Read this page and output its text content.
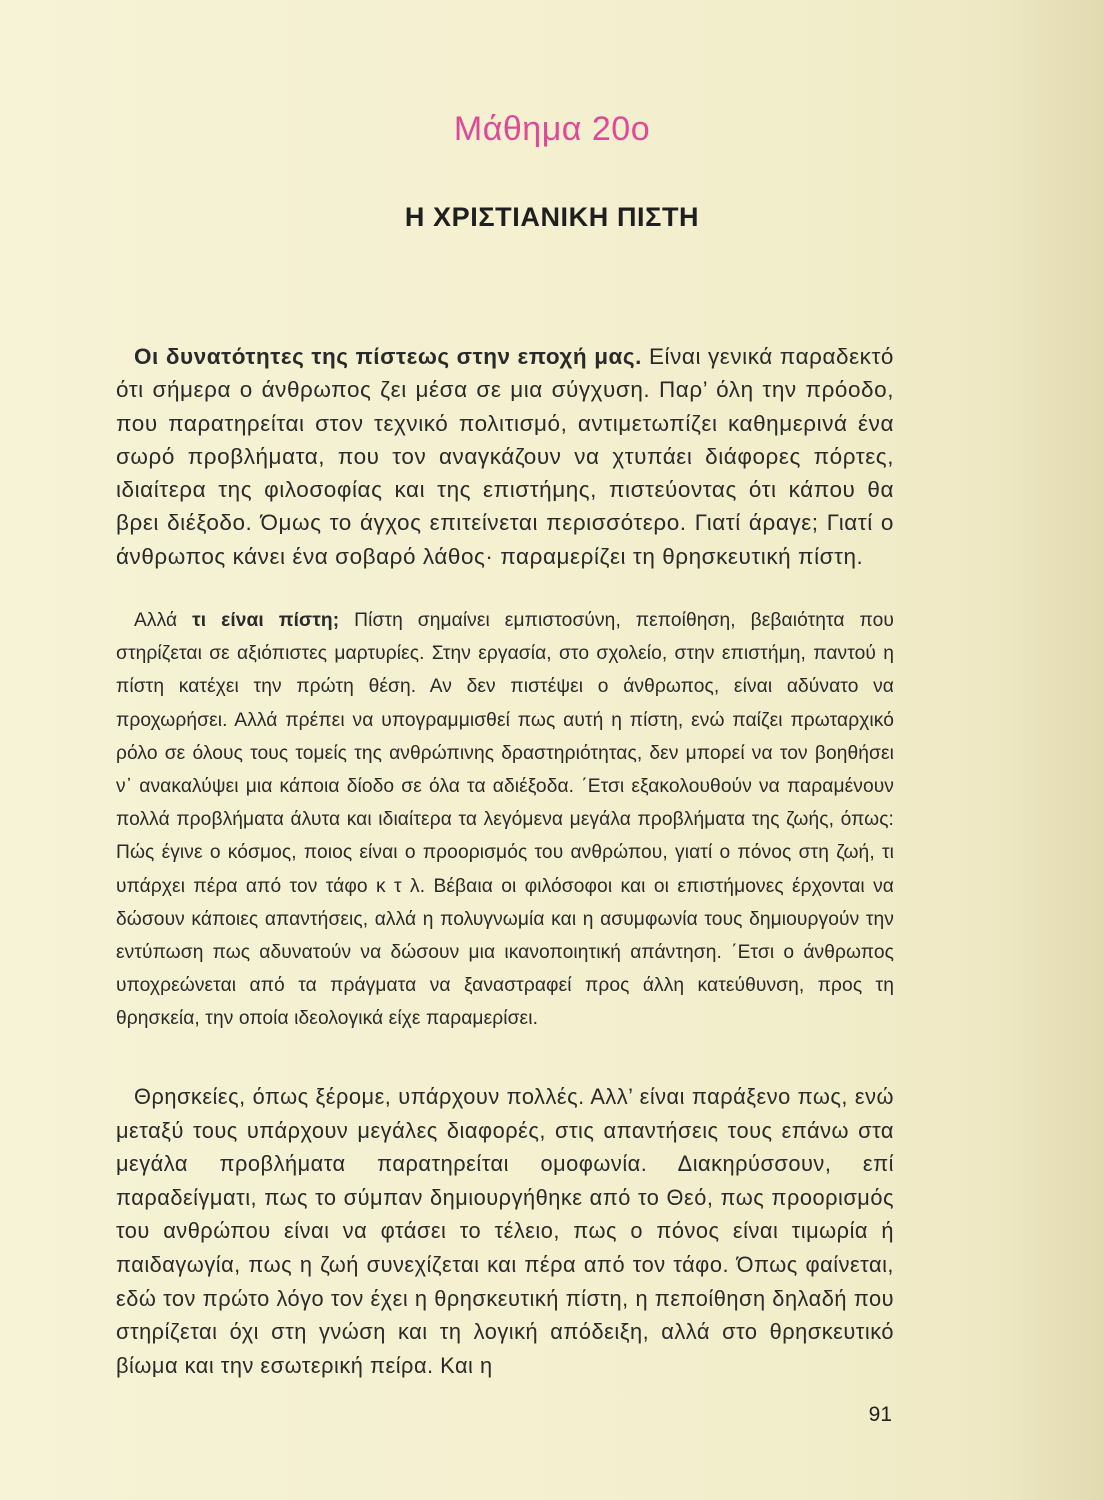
Μάθημα 20ο
Η ΧΡΙΣΤΙΑΝΙΚΗ ΠΙΣΤΗ

Οι δυνατότητες της πίστεως στην εποχή μας. Είναι γενικά παραδεκτό ότι σήμερα ο άνθρωπος ζει μέσα σε μια σύγχυση. Παρ’ όλη την πρόοδο, που παρατηρείται στον τεχνικό πολιτισμό, αντιμετωπίζει καθημερινά ένα σωρό προβλήματα, που τον αναγκάζουν να χτυπάει διάφορες πόρτες, ιδιαίτερα της φιλοσοφίας και της επιστήμης, πιστεύοντας ότι κάπου θα βρει διέξοδο. Όμως το άγχος επιτείνεται περισσότερο. Γιατί άραγε; Γιατί ο άνθρωπος κάνει ένα σοβαρό λάθος· παραμερίζει τη θρησκευτική πίστη.

Αλλά τι είναι πίστη; Πίστη σημαίνει εμπιστοσύνη, πεποίθηση, βεβαιότητα που στηρίζεται σε αξιόπιστες μαρτυρίες. Στην εργασία, στο σχολείο, στην επιστήμη, παντού η πίστη κατέχει την πρώτη θέση. Αν δεν πιστέψει ο άνθρωπος, είναι αδύνατο να προχωρήσει. Αλλά πρέπει να υπογραμμισθεί πως αυτή η πίστη, ενώ παίζει πρωταρχικό ρόλο σε όλους τους τομείς της ανθρώπινης δραστηριότητας, δεν μπορεί να τον βοηθήσει ν᾽ ανακαλύψει μια κάποια δίοδο σε όλα τα αδιέξοδα. ΄Ετσι εξακολουθούν να παραμένουν πολλά προβλήματα άλυτα και ιδιαίτερα τα λεγόμενα μεγάλα προβλήματα της ζωής, όπως: Πώς έγινε ο κόσμος, ποιος είναι ο προορισμός του ανθρώπου, γιατί ο πόνος στη ζωή, τι υπάρχει πέρα από τον τάφο κ τ λ. Βέβαια οι φιλόσοφοι και οι επιστήμονες έρχονται να δώσουν κάποιες απαντήσεις, αλλά η πολυγνωμία και η ασυμφωνία τους δημιουργούν την εντύπωση πως αδυνατούν να δώσουν μια ικανοποιητική απάντηση. ΄Ετσι ο άνθρωπος υποχρεώνεται από τα πράγματα να ξαναστραφεί προς άλλη κατεύθυνση, προς τη θρησκεία, την οποία ιδεολογικά είχε παραμερίσει.

Θρησκείες, όπως ξέρομε, υπάρχουν πολλές. Αλλ’ είναι παράξενο πως, ενώ μεταξύ τους υπάρχουν μεγάλες διαφορές, στις απαντήσεις τους επάνω στα μεγάλα προβλήματα παρατηρείται ομοφωνία. Διακηρύσσουν, επί παραδείγματι, πως το σύμπαν δημιουργήθηκε από το Θεό, πως προορισμός του ανθρώπου είναι να φτάσει το τέλειο, πως ο πόνος είναι τιμωρία ή παιδαγωγία, πως η ζωή συνεχίζεται και πέρα από τον τάφο. Όπως φαίνεται, εδώ τον πρώτο λόγο τον έχει η θρησκευτική πίστη, η πεποίθηση δηλαδή που στηρίζεται όχι στη γνώση και τη λογική απόδειξη, αλλά στο θρησκευτικό βίωμα και την εσωτερική πείρα. Και η

91
